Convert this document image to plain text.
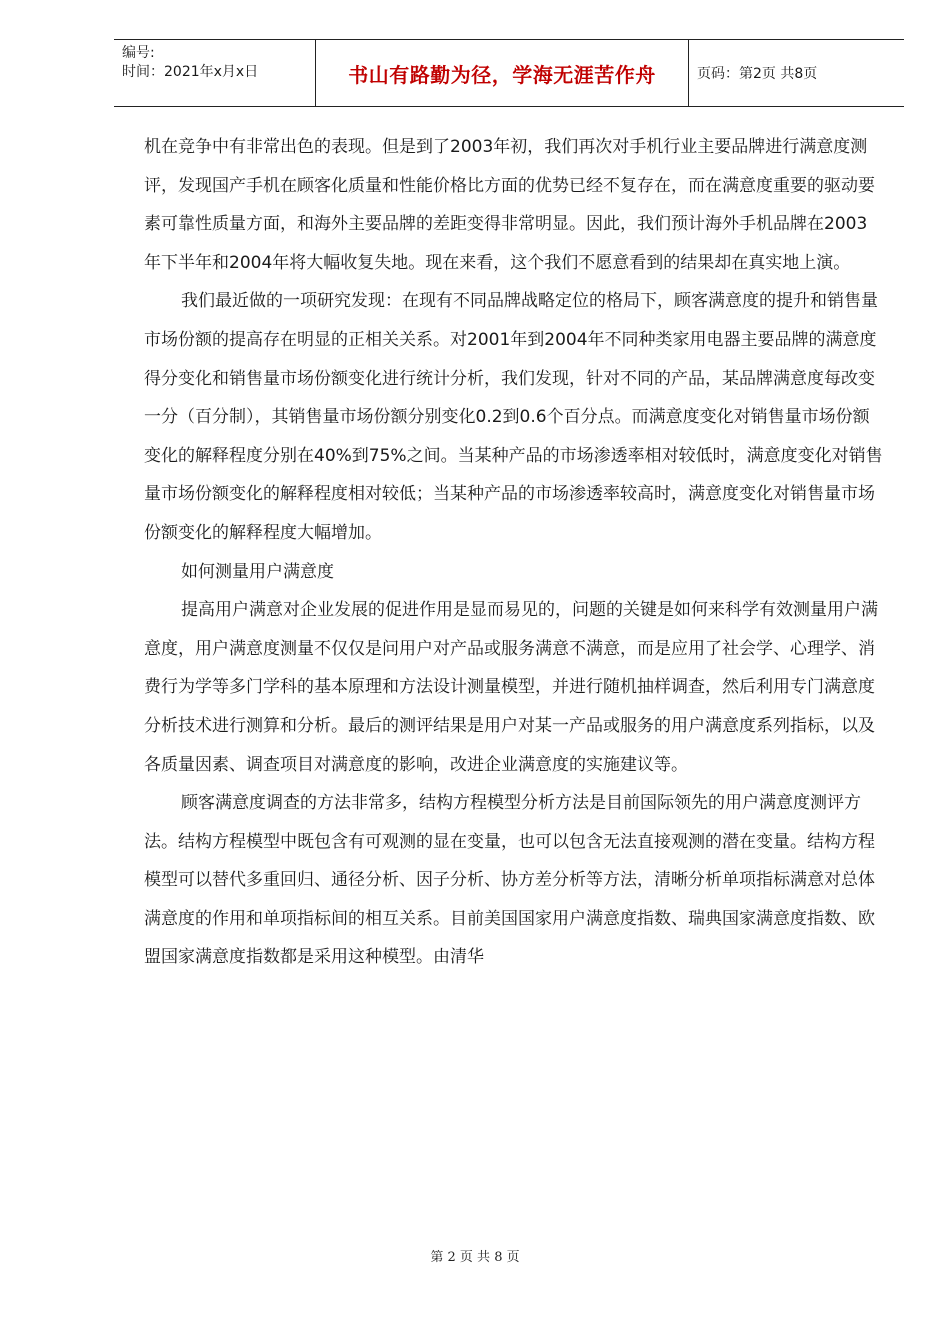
编号:
时间：2021年x月x日	书山有路勤为径，学海无涯苦作舟	页码：第2页 共8页

机在竞争中有非常出色的表现。但是到了2003年初，我们再次对手机行业主要品牌进行满意度测评，发现国产手机在顾客化质量和性能价格比方面的优势已经不复存在，而在满意度重要的驱动要素可靠性质量方面，和海外主要品牌的差距变得非常明显。因此，我们预计海外手机品牌在2003年下半年和2004年将大幅收复失地。现在来看，这个我们不愿意看到的结果却在真实地上演。

我们最近做的一项研究发现：在现有不同品牌战略定位的格局下，顾客满意度的提升和销售量市场份额的提高存在明显的正相关关系。对2001年到2004年不同种类家用电器主要品牌的满意度得分变化和销售量市场份额变化进行统计分析，我们发现，针对不同的产品，某品牌满意度每改变一分（百分制），其销售量市场份额分别变化0.2到0.6个百分点。而满意度变化对销售量市场份额变化的解释程度分别在40%到75%之间。当某种产品的市场渗透率相对较低时，满意度变化对销售量市场份额变化的解释程度相对较低；当某种产品的市场渗透率较高时，满意度变化对销售量市场份额变化的解释程度大幅增加。

如何测量用户满意度

提高用户满意对企业发展的促进作用是显而易见的，问题的关键是如何来科学有效测量用户满意度，用户满意度测量不仅仅是问用户对产品或服务满意不满意，而是应用了社会学、心理学、消费行为学等多门学科的基本原理和方法设计测量模型，并进行随机抽样调查，然后利用专门满意度分析技术进行测算和分析。最后的测评结果是用户对某一产品或服务的用户满意度系列指标，以及各质量因素、调查项目对满意度的影响，改进企业满意度的实施建议等。

顾客满意度调查的方法非常多，结构方程模型分析方法是目前国际领先的用户满意度测评方法。结构方程模型中既包含有可观测的显在变量，也可以包含无法直接观测的潜在变量。结构方程模型可以替代多重回归、通径分析、因子分析、协方差分析等方法，清晰分析单项指标满意对总体满意度的作用和单项指标间的相互关系。目前美国国家用户满意度指数、瑞典国家满意度指数、欧盟国家满意度指数都是采用这种模型。由清华

第 2 页 共 8 页
